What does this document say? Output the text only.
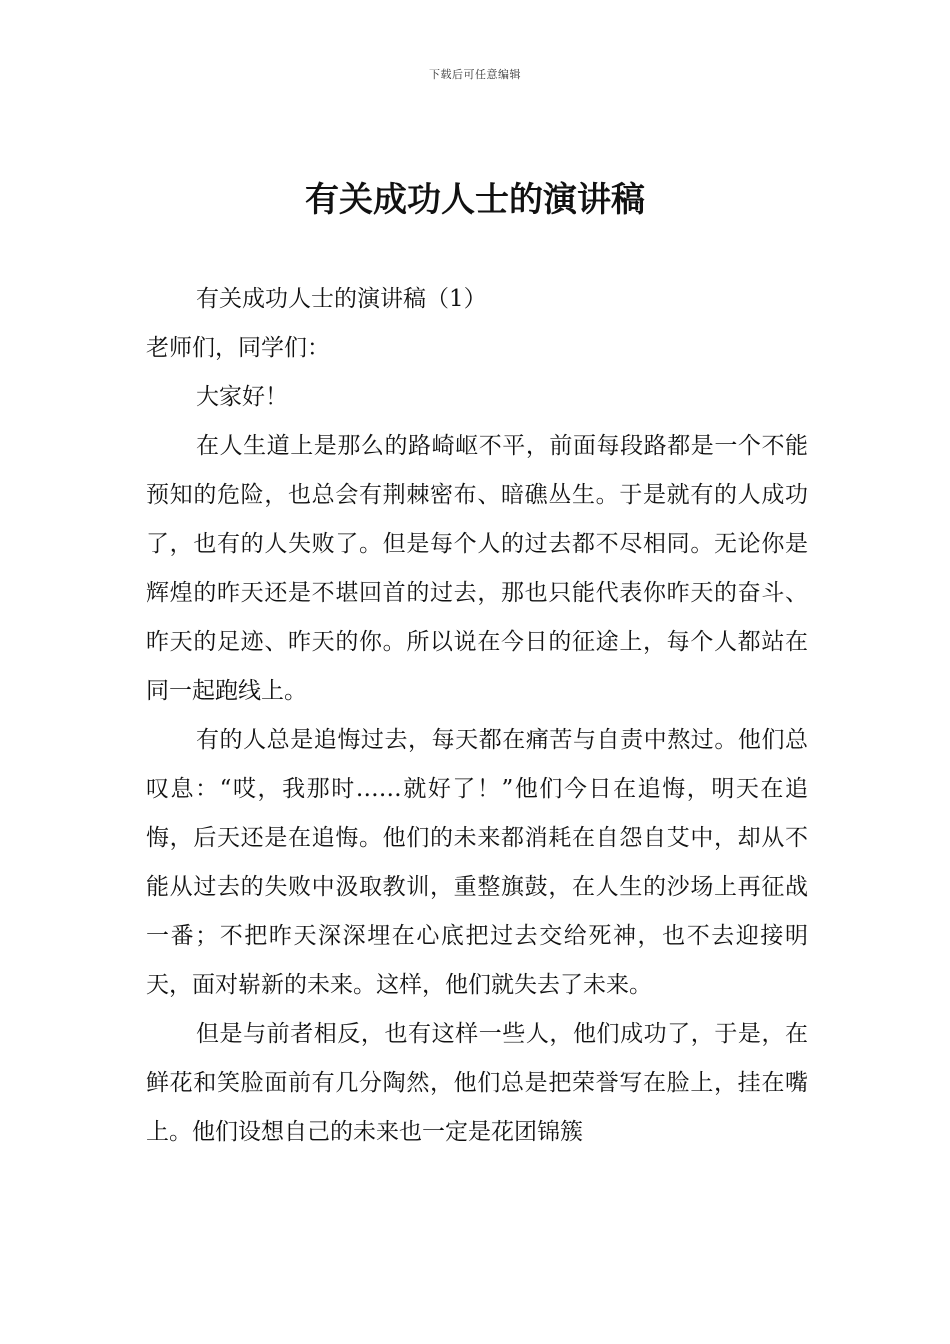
下载后可任意编辑
有关成功人士的演讲稿

有关成功人士的演讲稿（1）

老师们，同学们：

大家好！

在人生道上是那么的路崎岖不平，前面每段路都是一个不能预知的危险，也总会有荆棘密布、暗礁丛生。于是就有的人成功了，也有的人失败了。但是每个人的过去都不尽相同。无论你是辉煌的昨天还是不堪回首的过去，那也只能代表你昨天的奋斗、昨天的足迹、昨天的你。所以说在今日的征途上，每个人都站在同一起跑线上。

有的人总是追悔过去，每天都在痛苦与自责中熬过。他们总叹息：“哎，我那时……就好了！”他们今日在追悔，明天在追悔，后天还是在追悔。他们的未来都消耗在自怨自艾中，却从不能从过去的失败中汲取教训，重整旗鼓，在人生的沙场上再征战一番；不把昨天深深埋在心底把过去交给死神，也不去迎接明天，面对崭新的未来。这样，他们就失去了未来。

但是与前者相反，也有这样一些人，他们成功了，于是，在鲜花和笑脸面前有几分陶然，他们总是把荣誉写在脸上，挂在嘴上。他们设想自己的未来也一定是花团锦簇
